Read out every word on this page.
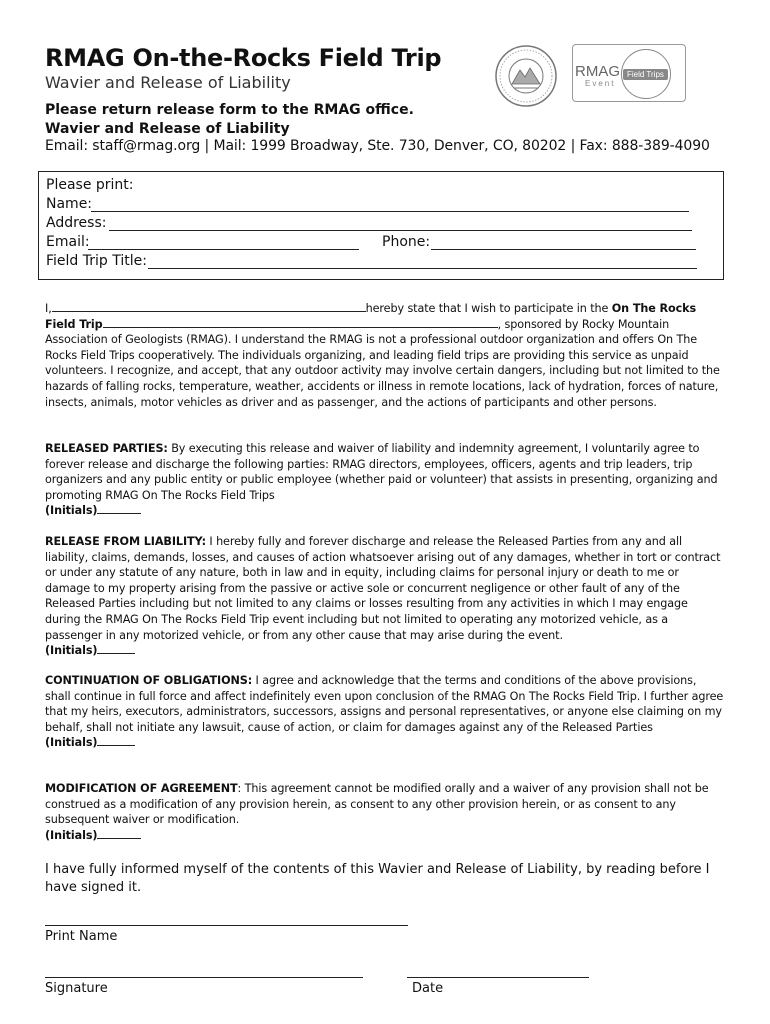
RMAG On-the-Rocks Field Trip
Wavier and Release of Liability
Please return release form to the RMAG office.
Wavier and Release of Liability
Email: staff@rmag.org | Mail: 1999 Broadway, Ste. 730, Denver, CO, 80202 | Fax: 888-389-4090
RMAG
Event
Field Trips
Please print:
Name:
Address:
Email:	Phone:
Field Trip Title:
I,	hereby state that I wish to participate in the On The Rocks
Field Trip	, sponsored by Rocky Mountain Association of Geologists (RMAG). I understand the RMAG is not a professional outdoor organization and offers On The Rocks Field Trips cooperatively. The individuals organizing, and leading field trips are providing this service as unpaid volunteers. I recognize, and accept, that any outdoor activity may involve certain dangers, including but not limited to the hazards of falling rocks, temperature, weather, accidents or illness in remote locations, lack of hydration, forces of nature, insects, animals, motor vehicles as driver and as passenger, and the actions of participants and other persons.
RELEASED PARTIES: By executing this release and waiver of liability and indemnity agreement, I voluntarily agree to forever release and discharge the following parties: RMAG directors, employees, officers, agents and trip leaders, trip organizers and any public entity or public employee (whether paid or volunteer) that assists in presenting, organizing and promoting RMAG On The Rocks Field Trips
(Initials)
RELEASE FROM LIABILITY: I hereby fully and forever discharge and release the Released Parties from any and all liability, claims, demands, losses, and causes of action whatsoever arising out of any damages, whether in tort or contract or under any statute of any nature, both in law and in equity, including claims for personal injury or death to me or damage to my property arising from the passive or active sole or concurrent negligence or other fault of any of the Released Parties including but not limited to any claims or losses resulting from any activities in which I may engage during the RMAG On The Rocks Field Trip event including but not limited to operating any motorized vehicle, as a passenger in any motorized vehicle, or from any other cause that may arise during the event.
(Initials)
CONTINUATION OF OBLIGATIONS: I agree and acknowledge that the terms and conditions of the above provisions, shall continue in full force and affect indefinitely even upon conclusion of the RMAG On The Rocks Field Trip. I further agree that my heirs, executors, administrators, successors, assigns and personal representatives, or anyone else claiming on my behalf, shall not initiate any lawsuit, cause of action, or claim for damages against any of the Released Parties
(Initials)
MODIFICATION OF AGREEMENT: This agreement cannot be modified orally and a waiver of any provision shall not be construed as a modification of any provision herein, as consent to any other provision herein, or as consent to any subsequent waiver or modification.
(Initials)
I have fully informed myself of the contents of this Wavier and Release of Liability, by reading before I have signed it.
Print Name
Signature	Date
